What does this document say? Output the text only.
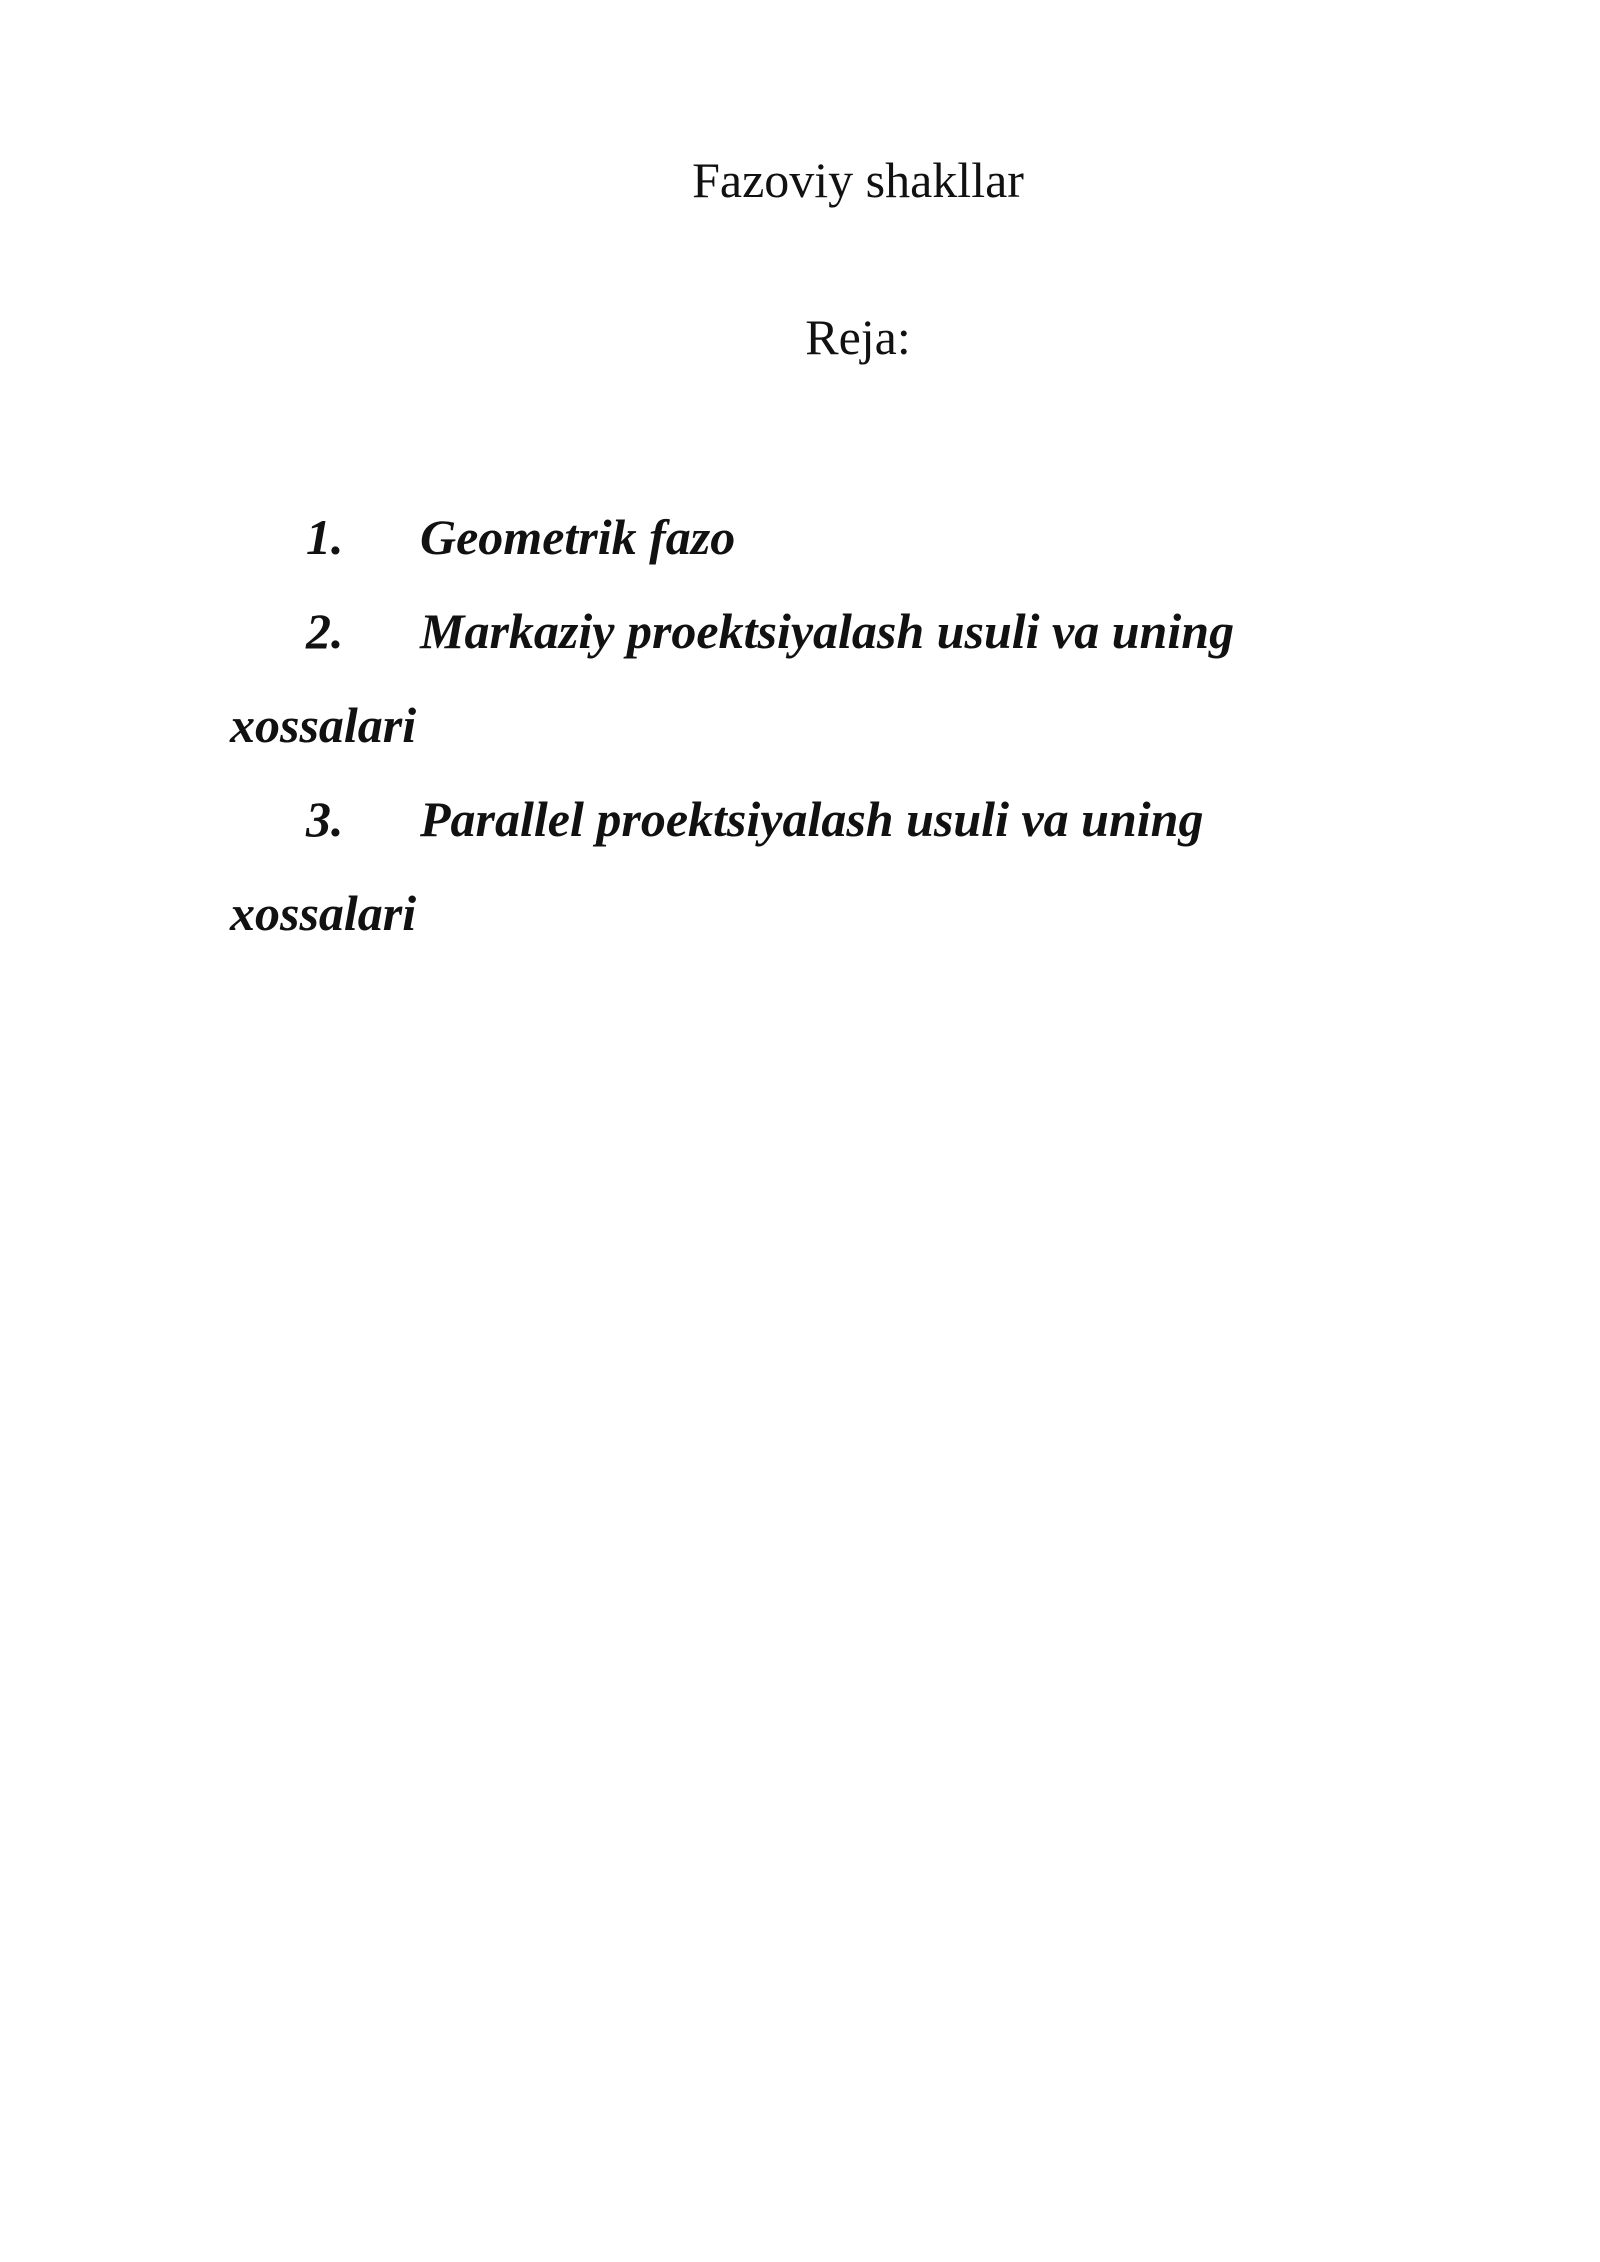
Fazoviy shakllar
Reja:
1. Geometrik fazo
2. Markaziy proektsiyalash usuli va uning
xossalari
3. Parallel proektsiyalash usuli va uning
xossalari
